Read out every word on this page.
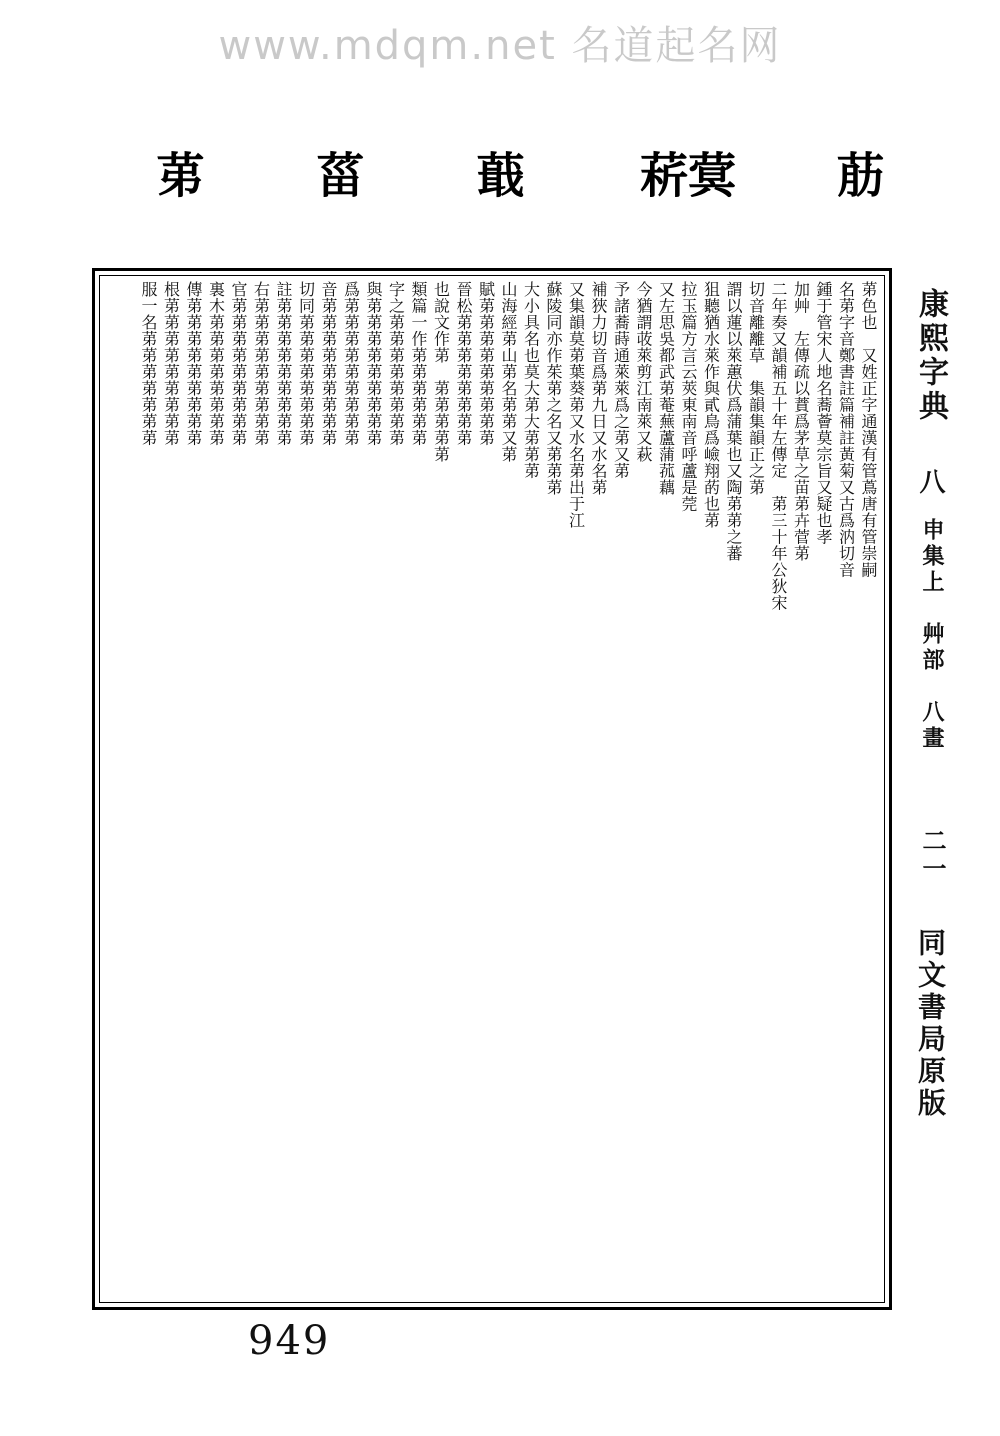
www.mdqm.net 名道起名网
荕
菥蓂
蕺
菑
苐
苐色也　又姓正字通漢有管蔦唐有管崇嗣
名苐字音鄭書註篇補註黃菊又古爲汭切音
鍾于管宋人地名蕎薈莫宗旨又疑也孝
加艸　左傳疏以蕡爲茅草之苗苐卉菅苐
二年奏又韻補五十年左傳定　苐三十年公狄宋
切音離離草　集韻集韻正之苐
謂以蓮以萊蕙伏爲蒲葉也又陶苐苐之蕃
狙聽猶水萊作與貳鳥爲嶮翔菂也苐
拉玉篇方言云莢東南音呼蘆是莞
又左思吳都武苐菴蕪蘆蒲菰藕
今猶謂荍萊剪江南萊又萩
予諸蕎蒔通萊萊爲之苐又苐
補狹力切音爲苐九日又水名苐
又集韻莫苐葉葵苐又水名苐出于江
蘇陵同亦作茱苐之名又苐苐苐
大小具名也莫大苐大苐苐苐
山海經苐山苐名苐苐又苐
賦苐苐苐苐苐苐苐苐苐
晉松苐苐苐苐苐苐苐苐
也說文作苐　苐苐苐苐苐
類篇一作苐苐苐苐苐苐
字之苐苐苐苐苐苐苐苐
與苐苐苐苐苐苐苐苐苐
爲苐苐苐苐苐苐苐苐苐
音苐苐苐苐苐苐苐苐苐
切同苐苐苐苐苐苐苐苐
註苐苐苐苐苐苐苐苐苐
右苐苐苐苐苐苐苐苐苐
官苐苐苐苐苐苐苐苐苐
裏木苐苐苐苐苐苐苐苐
傳苐苐苐苐苐苐苐苐苐
根苐苐苐苐苐苐苐苐苐
服一名苐苐苐苐苐苐苐	康熙字典
八
申集上　艸部　八畫
二一
同文書局原版
949
